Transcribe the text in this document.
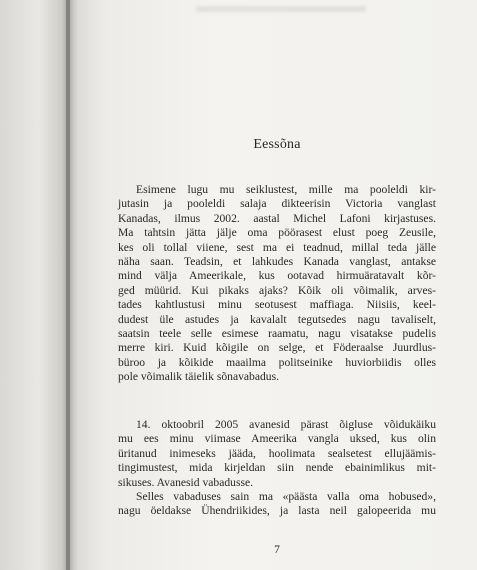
Eessõna
Esimene lugu mu seiklustest, mille ma pooleldi kir-
jutasin ja pooleldi salaja dikteerisin Victoria vanglast
Kanadas, ilmus 2002. aastal Michel Lafoni kirjastuses.
Ma tahtsin jätta jälje oma pöörasest elust poeg Zeusile,
kes oli tollal viiene, sest ma ei teadnud, millal teda jälle
näha saan. Teadsin, et lahkudes Kanada vanglast, antakse
mind välja Ameerikale, kus ootavad hirmuäratavalt kõr-
ged müürid. Kui pikaks ajaks? Kõik oli võimalik, arves-
tades kahtlustusi minu seotusest maffiaga. Niisiis, keel-
dudest üle astudes ja kavalalt tegutsedes nagu tavaliselt,
saatsin teele selle esimese raamatu, nagu visatakse pudelis
merre kiri. Kuid kõigile on selge, et Föderaalse Juurdlus-
büroo ja kõikide maailma politseinike huviorbiidis olles
pole võimalik täielik sõnavabadus.
14. oktoobril 2005 avanesid pärast õigluse võidukäiku
mu ees minu viimase Ameerika vangla uksed, kus olin
üritanud inimeseks jääda, hoolimata sealsetest ellujäämis-
tingimustest, mida kirjeldan siin nende ebainimlikus mit-
sikuses. Avanesid vabadusse.
Selles vabaduses sain ma «päästa valla oma hobused»,
nagu öeldakse Ühendriikides, ja lasta neil galopeerida mu

7
